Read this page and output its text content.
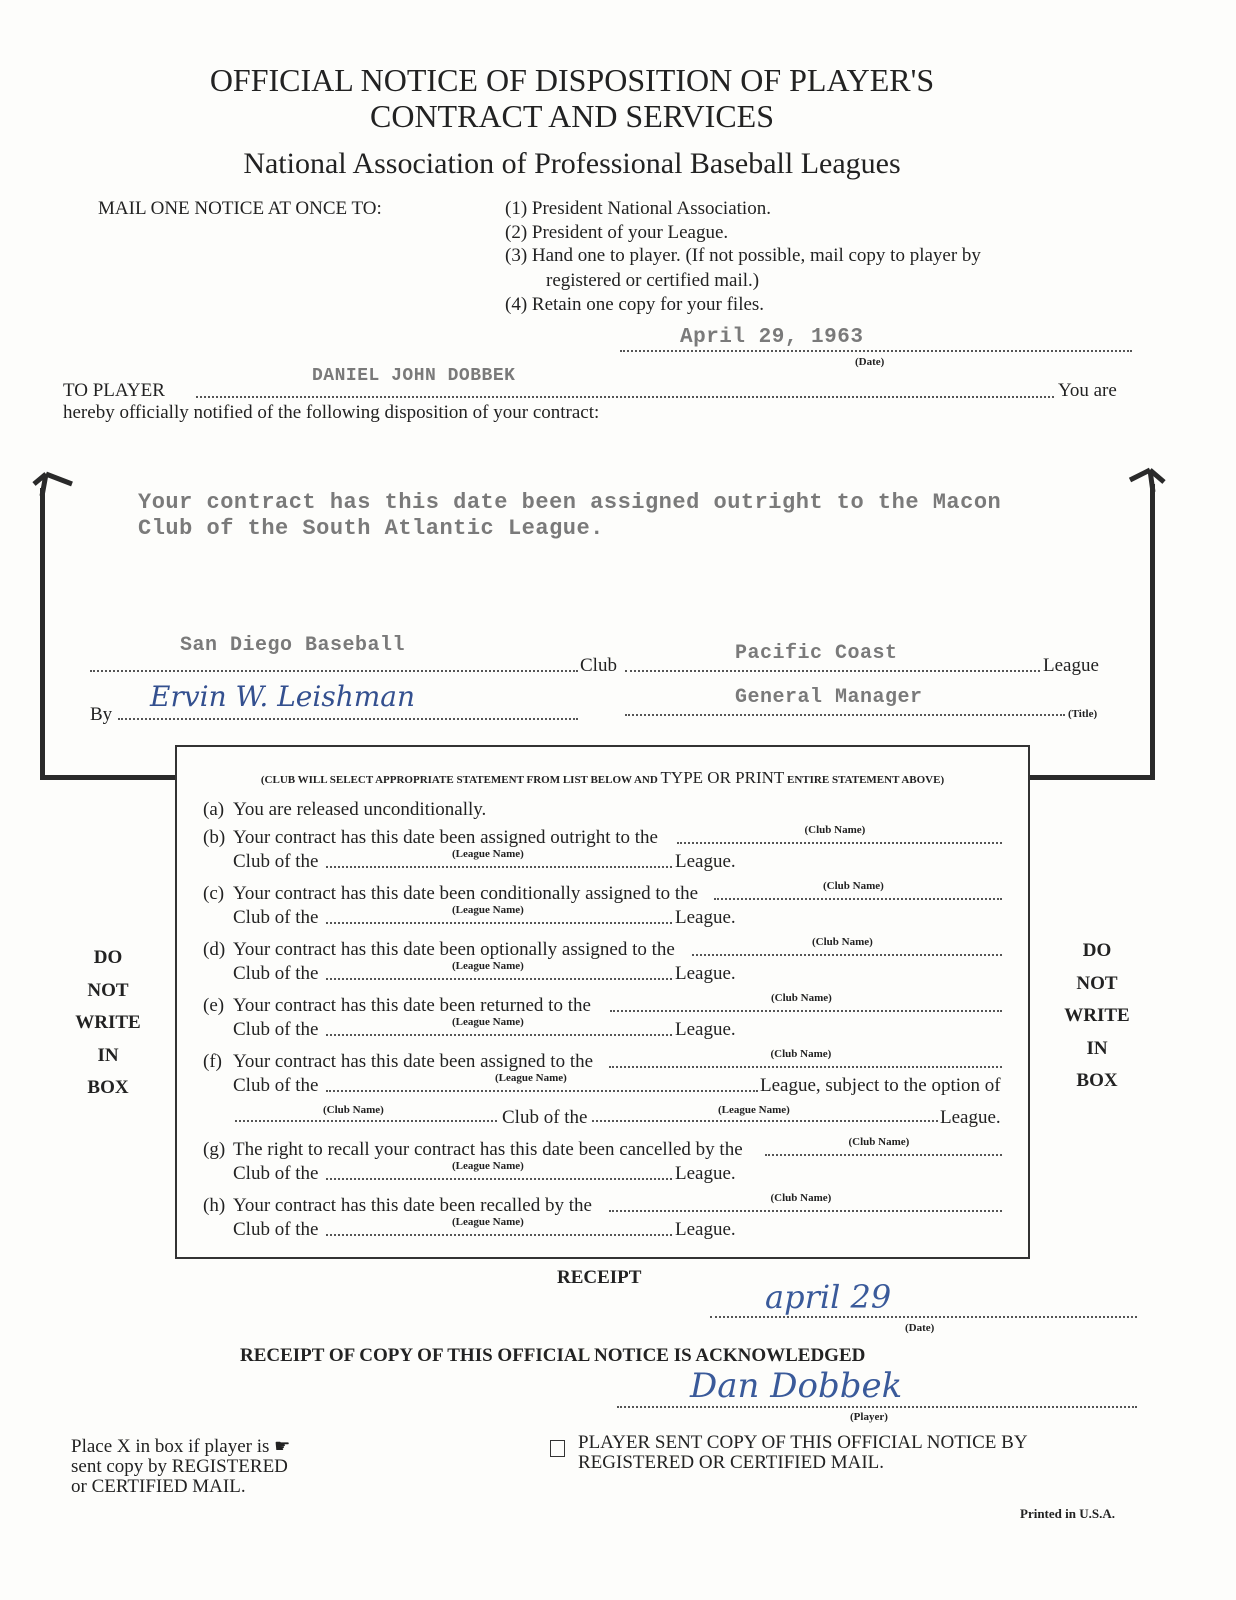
OFFICIAL NOTICE OF DISPOSITION OF PLAYER'S
CONTRACT AND SERVICES
National Association of Professional Baseball Leagues
MAIL ONE NOTICE AT ONCE TO:	(1) President National Association.
(2) President of your League.
(3) Hand one to player. (If not possible, mail copy to player by
registered or certified mail.)
(4) Retain one copy for your files.
April 29, 1963
(Date)
TO PLAYER
DANIEL JOHN DOBBEK
You are
hereby officially notified of the following disposition of your contract:
Your contract has this date been assigned outright to the Macon
Club of the South Atlantic League.
San Diego Baseball
Club
Pacific Coast
League
By
Ervin W. Leishman	General Manager
(Title)
(CLUB WILL SELECT APPROPRIATE STATEMENT FROM LIST BELOW AND TYPE OR PRINT ENTIRE STATEMENT ABOVE)
(a) You are released unconditionally.
(b) Your contract has this date been assigned outright to the	(Club Name)
Club of the	(League Name)	League.
(c) Your contract has this date been conditionally assigned to the	(Club Name)
Club of the	(League Name)	League.
(d) Your contract has this date been optionally assigned to the	(Club Name)
Club of the	(League Name)	League.
(e) Your contract has this date been returned to the	(Club Name)
Club of the	(League Name)	League.
(f) Your contract has this date been assigned to the	(Club Name)
Club of the	(League Name)	League, subject to the option of
(Club Name)	Club of the	(League Name)	League.
(g) The right to recall your contract has this date been cancelled by the	(Club Name)
Club of the	(League Name)	League.
(h) Your contract has this date been recalled by the	(Club Name)
Club of the	(League Name)	League.
DO
NOT
WRITE
IN
BOX
DO
NOT
WRITE
IN
BOX
RECEIPT
april 29
(Date)
RECEIPT OF COPY OF THIS OFFICIAL NOTICE IS ACKNOWLEDGED
Dan Dobbek
(Player)
Place X in box if player is ☛
sent copy by REGISTERED
or CERTIFIED MAIL.
PLAYER SENT COPY OF THIS OFFICIAL NOTICE BY
REGISTERED OR CERTIFIED MAIL.
Printed in U.S.A.
